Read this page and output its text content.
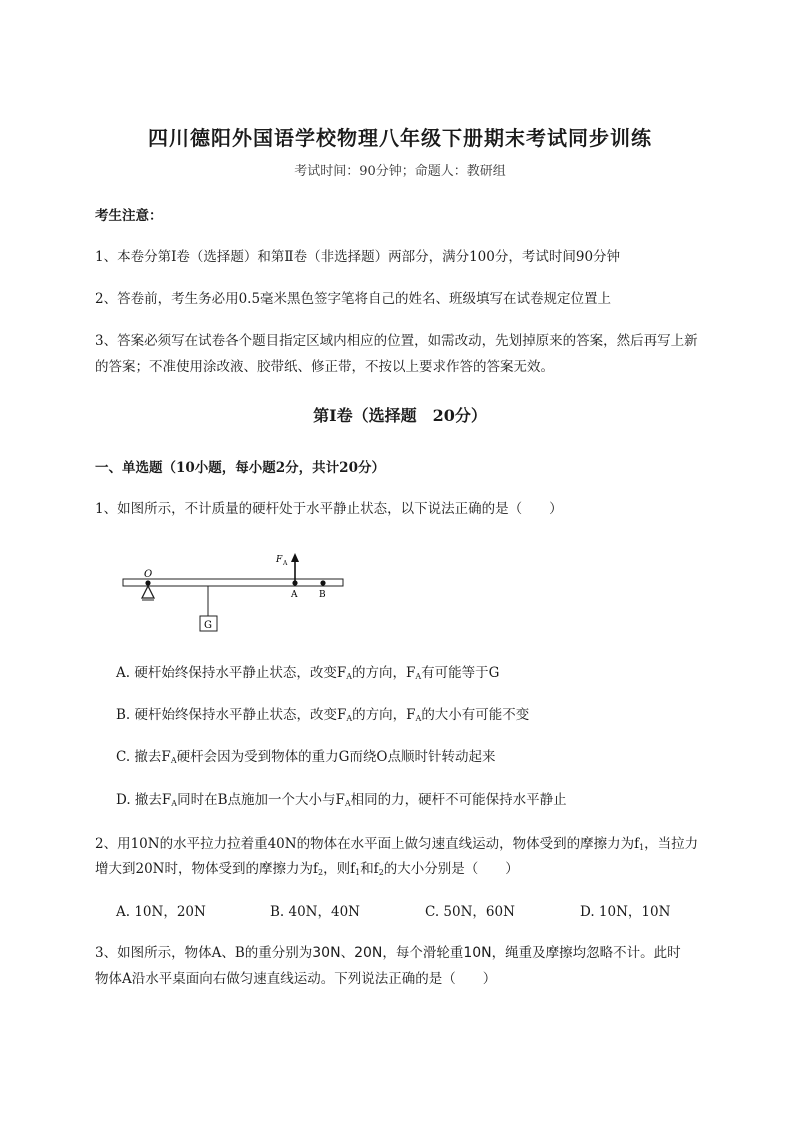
四川德阳外国语学校物理八年级下册期末考试同步训练
考试时间：90分钟；命题人：教研组
考生注意：
1、本卷分第I卷（选择题）和第Ⅱ卷（非选择题）两部分，满分100分，考试时间90分钟
2、答卷前，考生务必用0.5毫米黑色签字笔将自己的姓名、班级填写在试卷规定位置上
3、答案必须写在试卷各个题目指定区域内相应的位置，如需改动，先划掉原来的答案，然后再写上新
的答案；不准使用涂改液、胶带纸、修正带，不按以上要求作答的答案无效。
第I卷（选择题　20分）
一、单选题（10小题，每小题2分，共计20分）
1、如图所示，不计质量的硬杆处于水平静止状态，以下说法正确的是（　　）
G
O
F A
A B
A. 硬杆始终保持水平静止状态，改变$F_A$的方向，$F_A$有可能等于G
B. 硬杆始终保持水平静止状态，改变$F_A$的方向，$F_A$的大小有可能不变
C. 撤去$F_A$硬杆会因为受到物体的重力G而绕O点顺时针转动起来
D. 撤去$F_A$同时在B点施加一个大小与$F_A$相同的力，硬杆不可能保持水平静止
2、用10N的水平拉力拉着重40N的物体在水平面上做匀速直线运动，物体受到的摩擦力为$f_1$，当拉力
增大到20N时，物体受到的摩擦力为$f_2$，则$f_1$和$f_2$的大小分别是（　　）
A. 10N，20N	B. 40N，40N	C. 50N，60N	D. 10N，10N
3、如图所示，物体A、B的重分别为30N、20N，每个滑轮重10N，绳重及摩擦均忽略不计。此时
物体A沿水平桌面向右做匀速直线运动。下列说法正确的是（　　）
